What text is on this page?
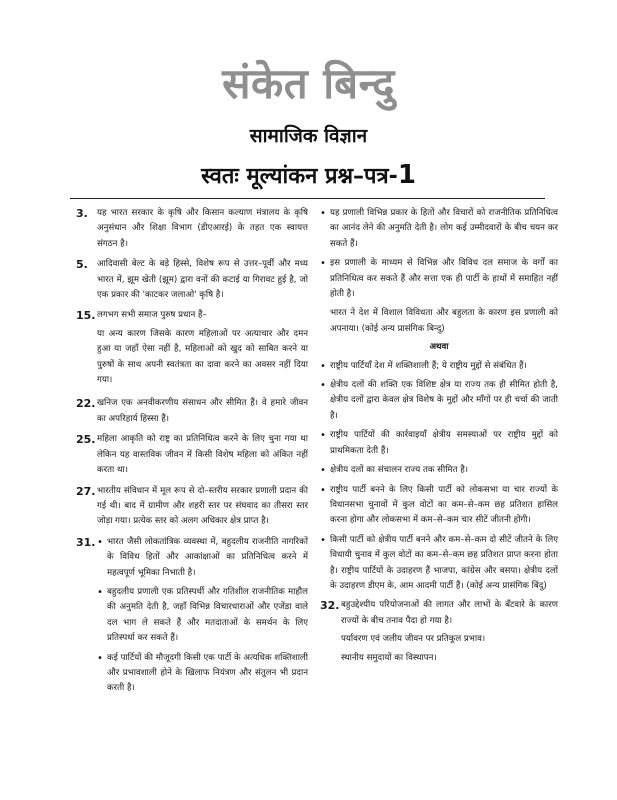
संकेत बिन्दु
सामाजिक विज्ञान
स्वतः मूल्यांकन प्रश्न–पत्र-1
3.	यह भारत सरकार के कृषि और किसान कल्याण मंत्रालय के कृषि अनुसंधान और शिक्षा विभाग (डीएआरई) के तहत एक स्वायत्त संगठन है।
5.	आदिवासी बेल्ट के बड़े हिस्से, विशेष रूप से उत्तर–पूर्वी और मध्य भारत में, झूम खेती (झूम) द्वारा वनों की कटाई या गिरावट हुई है, जो एक प्रकार की 'काटकर जलाओ' कृषि है।
15. लगभग सभी समाज पुरुष प्रधान हैं–

या अन्य कारण जिसके कारण महिलाओं पर अत्याचार और दमन हुआ या जहाँ ऐसा नहीं है, महिलाओं को खुद को साबित करने या पुरुषों के साथ अपनी स्वतंत्रता का दावा करने का अवसर नहीं दिया गया।

22. खनिज एक अनवीकरणीय संसाधन और सीमित हैं। वे हमारे जीवन का अपरिहार्य हिस्सा हैं।
25. महिला आकृति को राष्ट्र का प्रतिनिधित्व करने के लिए चुना गया था लेकिन यह वास्तविक जीवन में किसी विशेष महिला को अंकित नहीं करता था।
27. भारतीय संविधान में मूल रूप से दो–स्तरीय सरकार प्रणाली प्रदान की गई थी। बाद में ग्रामीण और शहरी स्तर पर संघवाद का तीसरा स्तर जोड़ा गया। प्रत्येक स्तर को अलग अधिकार क्षेत्र प्राप्त है।
31. • भारत जैसी लोकतांत्रिक व्यवस्था में, बहुदलीय राजनीति नागरिकों के विविध हितों और आकांक्षाओं का प्रतिनिधित्व करने में महत्वपूर्ण भूमिका निभाती है।
• बहुदलीय प्रणाली एक प्रतिस्पर्धी और गतिशील राजनीतिक माहौल की अनुमति देती है, जहाँ विभिन्न विचारधाराओं और एजेंडा वाले दल भाग ले सकते हैं और मतदाताओं के समर्थन के लिए प्रतिस्पर्धा कर सकते हैं।
• कई पार्टियों की मौजूदगी किसी एक पार्टी के अत्यधिक शक्तिशाली और प्रभावशाली होने के खिलाफ नियंत्रण और संतुलन भी प्रदान करती है।
• यह प्रणाली विभिन्न प्रकार के हितों और विचारों को राजनीतिक प्रतिनिधित्व का आनंद लेने की अनुमति देती है। लोग कई उम्मीदवारों के बीच चयन कर सकते हैं।
• इस प्रणाली के माध्यम से विभिन्न और विविध दल समाज के वर्गों का प्रतिनिधित्व कर सकते हैं और सत्ता एक ही पार्टी के हाथों में समाहित नहीं होती है।

भारत ने देश में विशाल विविधता और बहुलता के कारण इस प्रणाली को अपनाया। (कोई अन्य प्रासंगिक बिन्दु)

अथवा
• राष्ट्रीय पार्टियाँ देश में शक्तिशाली हैं; ये राष्ट्रीय मुद्दों से संबंधित हैं।
• क्षेत्रीय दलों की शक्ति एक विशिष्ट क्षेत्र या राज्य तक ही सीमित होती है, क्षेत्रीय दलों द्वारा केवल क्षेत्र विशेष के मुद्दों और माँगों पर ही चर्चा की जाती है।
• राष्ट्रीय पार्टियों की कार्रवाइयाँ क्षेत्रीय समस्याओं पर राष्ट्रीय मुद्दों को प्राथमिकता देती हैं।
• क्षेत्रीय दलों का संचालन राज्य तक सीमित है।
• राष्ट्रीय पार्टी बनने के लिए किसी पार्टी को लोकसभा या चार राज्यों के विधानसभा चुनावों में कुल वोटों का कम–से–कम छह प्रतिशत हासिल करना होगा और लोकसभा में कम–से–कम चार सीटें जीतनी होंगी।
• किसी पार्टी को क्षेत्रीय पार्टी बनने और कम–से–कम दो सीटें जीतने के लिए विधायी चुनाव में कुल वोटों का कम–से–कम छह प्रतिशत प्राप्त करना होता है। राष्ट्रीय पार्टियों के उदाहरण हैं भाजपा, कांग्रेस और बसपा। क्षेत्रीय दलों के उदाहरण डीएम के, आम आदमी पार्टी हैं। (कोई अन्य प्रासंगिक बिंदु)
32. बहुउद्देश्यीय परियोजनाओं की लागत और लाभों के बँटवारे के कारण राज्यों के बीच तनाव पैदा हो गया है।

पर्यावरण एवं जलीय जीवन पर प्रतिकूल प्रभाव।

स्थानीय समुदायों का विस्थापन।
